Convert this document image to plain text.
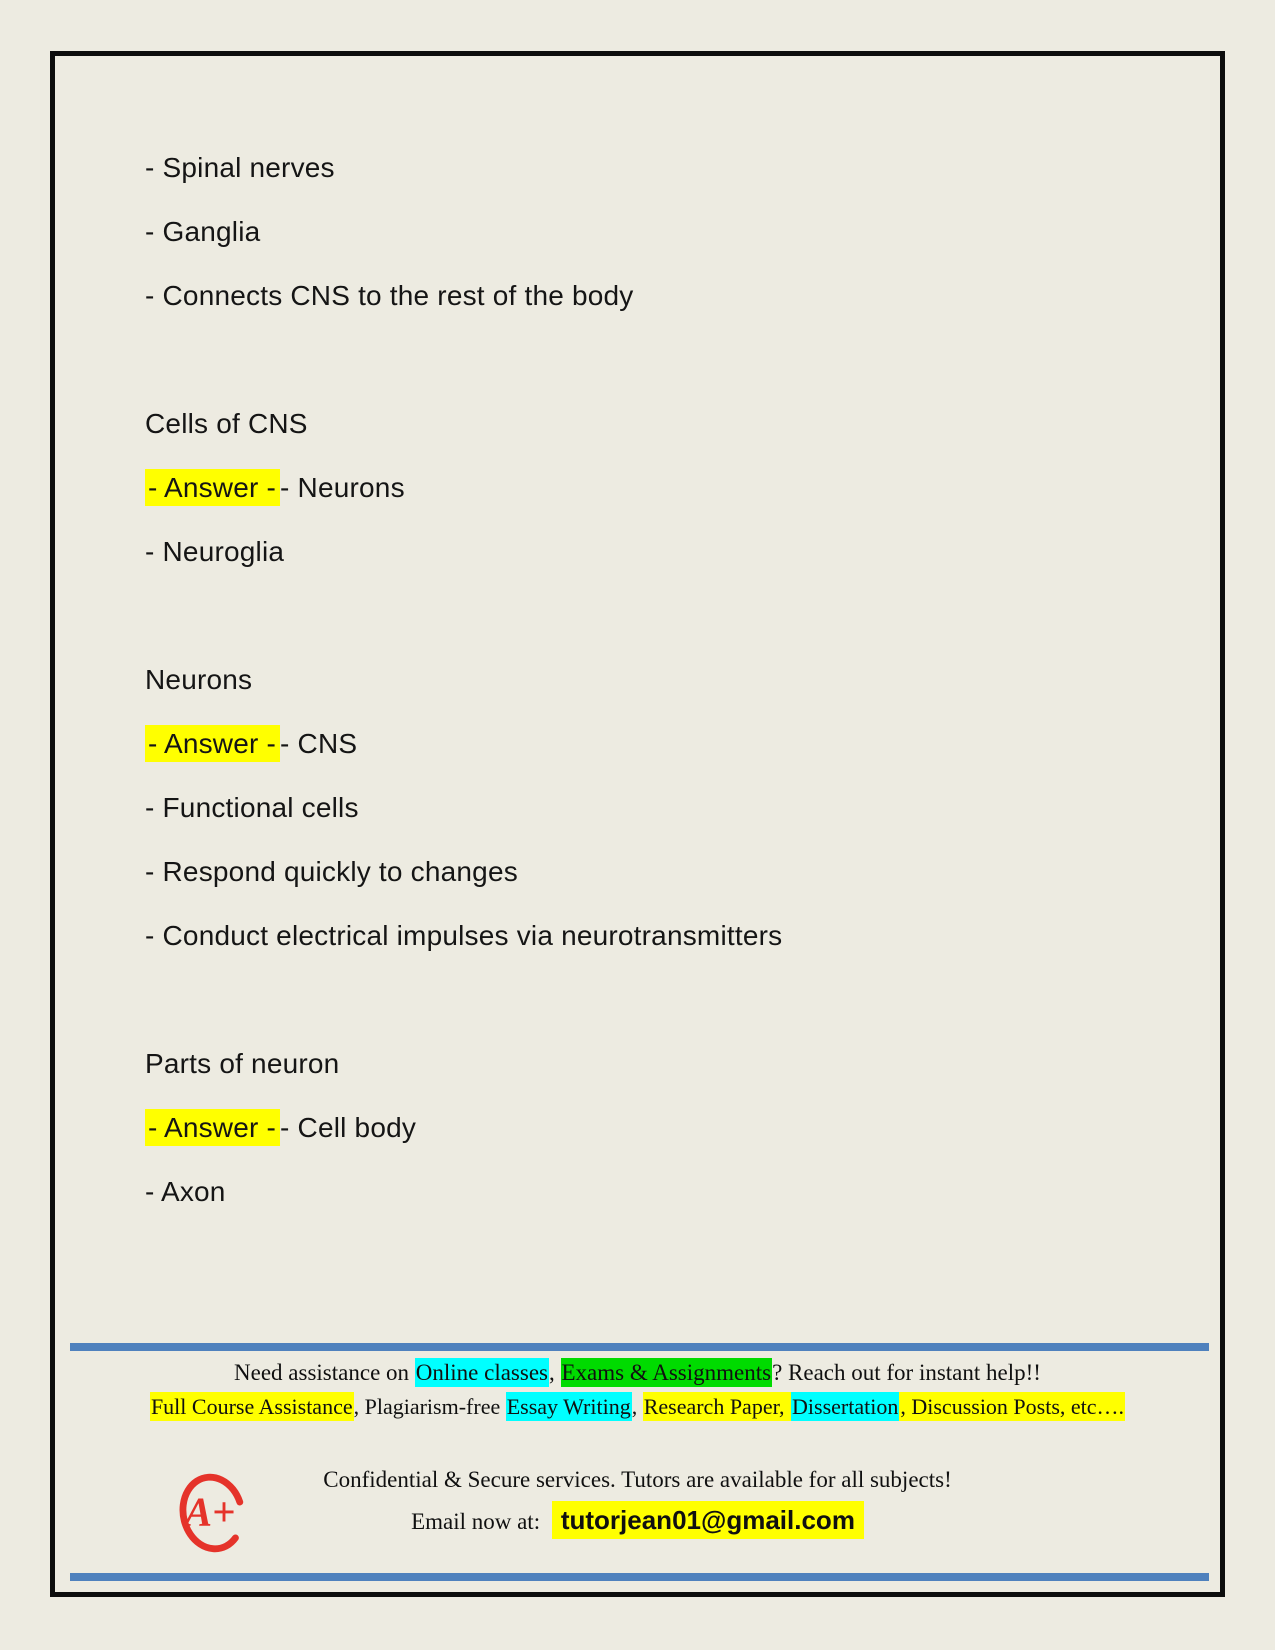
- Spinal nerves
- Ganglia
- Connects CNS to the rest of the body
Cells of CNS
- Answer - - Neurons
- Neuroglia
Neurons
- Answer - - CNS
- Functional cells
- Respond quickly to changes
- Conduct electrical impulses via neurotransmitters
Parts of neuron
- Answer - - Cell body
- Axon
Need assistance on Online classes, Exams & Assignments? Reach out for instant help!!
Full Course Assistance, Plagiarism-free Essay Writing, Research Paper, Dissertation, Discussion Posts, etc….
A+
Confidential & Secure services. Tutors are available for all subjects!
Email now at: tutorjean01@gmail.com
